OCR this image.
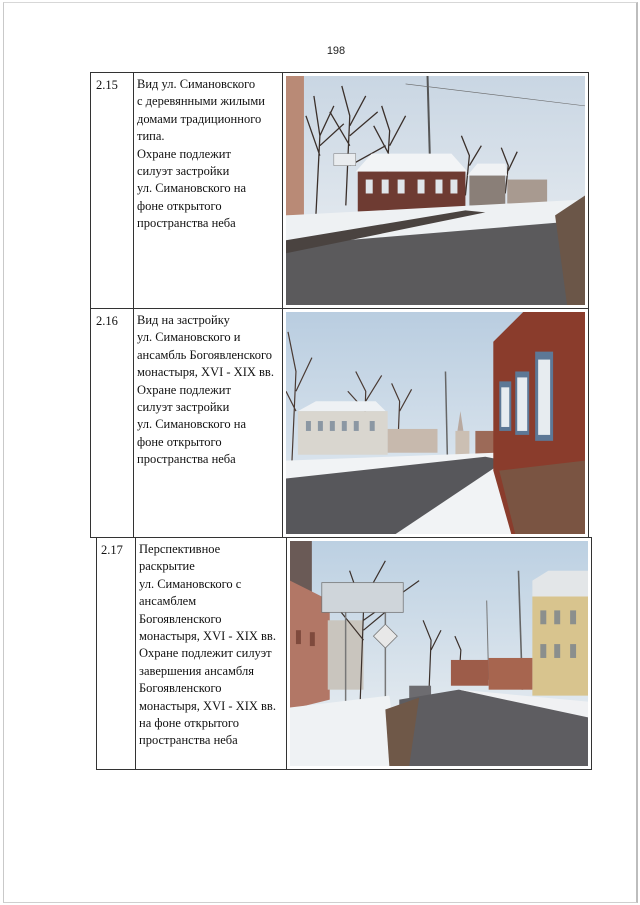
198
2.15	Вид ул. Симановского
с деревянными жилыми
домами традиционного
типа.
Охране подлежит
силуэт застройки
ул. Симановского на
фоне открытого
пространства неба
2.16	Вид на застройку
ул. Симановского и
ансамбль Богоявленского
монастыря, XVI - XIX вв.
Охране подлежит
силуэт застройки
ул. Симановского на
фоне открытого
пространства неба
2.17	Перспективное
раскрытие
ул. Симановского с
ансамблем
Богоявленского
монастыря, XVI - XIX вв.
Охране подлежит силуэт
завершения ансамбля
Богоявленского
монастыря, XVI - XIX вв.
на фоне открытого
пространства неба
